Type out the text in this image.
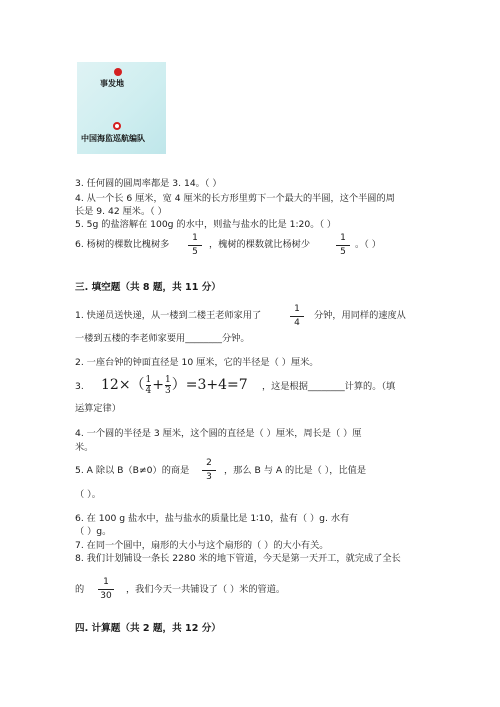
事发地
中国海监巡航编队
3. 任何圆的圆周率都是 3. 14。（ ）
4. 从一个长 6 厘米，宽 4 厘米的长方形里剪下一个最大的半圆，这个半圆的周
长是 9. 42 厘米。（ ）
5. 5g 的盐溶解在 100g 的水中，则盐与盐水的比是 1:20。（ ）
6. 杨树的棵数比槐树多 $\frac{1}{5}$ ，槐树的棵数就比杨树少	$\frac{1}{5}$ 。（ ）
三. 填空题（共 8 题，共 11 分）
1. 快递员送快递，从一楼到二楼王老师家用了	$\frac{1}{4}$ 分钟，用同样的速度从
一楼到五楼的李老师家要用________分钟。
2. 一座台钟的钟面直径是 10 厘米，它的半径是（ ）厘米。
3. $12\times( \frac{1}{4} + \frac{1}{3} )=3+4=7$ ，这是根据________计算的。（填
运算定律）
4. 一个圆的半径是 3 厘米，这个圆的直径是（ ）厘米，周长是（ ）厘
米。
5. A 除以 B（B≠0）的商是 $\frac{2}{3}$ ，那么 B 与 A 的比是（ ），比值是
（ ）。
6. 在 100 g 盐水中，盐与盐水的质量比是 1∶10，盐有（ ）g. 水有
（ ）g。
7. 在同一个圆中，扇形的大小与这个扇形的（ ）的大小有关。
8. 我们计划铺设一条长 2280 米的地下管道，今天是第一天开工，就完成了全长
的 $\frac{1}{30}$ ，我们今天一共铺设了（ ）米的管道。
四. 计算题（共 2 题，共 12 分）
